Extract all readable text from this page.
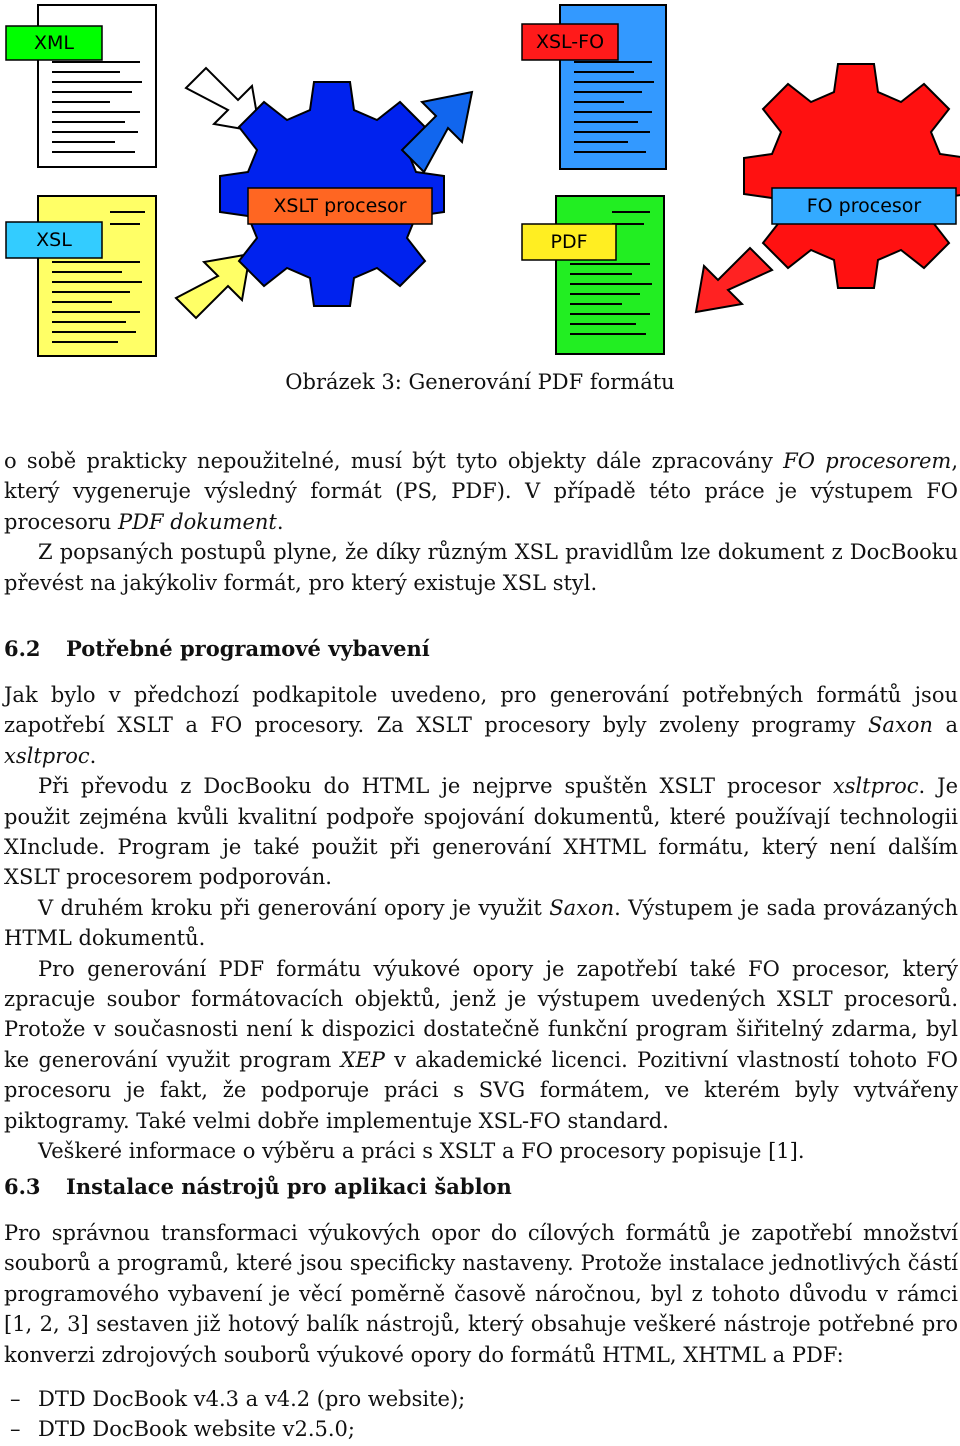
XML
XSL
XSLT procesor
XSL-FO
PDF
FO procesor
Obrázek 3: Generování PDF formátu

o sobě prakticky nepoužitelné, musí být tyto objekty dále zpracovány FO procesorem, který vygeneruje výsledný formát (PS, PDF). V případě této práce je výstupem FO procesoru PDF dokument.

Z popsaných postupů plyne, že díky různým XSL pravidlům lze dokument z DocBooku převést na jakýkoliv formát, pro který existuje XSL styl.

6.2 Potřebné programové vybavení

Jak bylo v předchozí podkapitole uvedeno, pro generování potřebných formátů jsou zapotřebí XSLT a FO procesory. Za XSLT procesory byly zvoleny programy Saxon a xsltproc.

Při převodu z DocBooku do HTML je nejprve spuštěn XSLT procesor xsltproc. Je použit zejména kvůli kvalitní podpoře spojování dokumentů, které používají technologii XInclude. Program je také použit při generování XHTML formátu, který není dalším XSLT procesorem podporován.

V druhém kroku při generování opory je využit Saxon. Výstupem je sada provázaných HTML dokumentů.

Pro generování PDF formátu výukové opory je zapotřebí také FO procesor, který zpracuje soubor formátovacích objektů, jenž je výstupem uvedených XSLT procesorů. Protože v současnosti není k dispozici dostatečně funkční program šiřitelný zdarma, byl ke generování využit program XEP v akademické licenci. Pozitivní vlastností tohoto FO procesoru je fakt, že podporuje práci s SVG formátem, ve kterém byly vytvářeny piktogramy. Také velmi dobře implementuje XSL-FO standard.

Veškeré informace o výběru a práci s XSLT a FO procesory popisuje [1].

6.3 Instalace nástrojů pro aplikaci šablon

Pro správnou transformaci výukových opor do cílových formátů je zapotřebí množství souborů a programů, které jsou specificky nastaveny. Protože instalace jednotlivých částí programového vybavení je věcí poměrně časově náročnou, byl z tohoto důvodu v rámci [1, 2, 3] sestaven již hotový balík nástrojů, který obsahuje veškeré nástroje potřebné pro konverzi zdrojových souborů výukové opory do formátů HTML, XHTML a PDF:

– DTD DocBook v4.3 a v4.2 (pro website);
– DTD DocBook website v2.5.0;
